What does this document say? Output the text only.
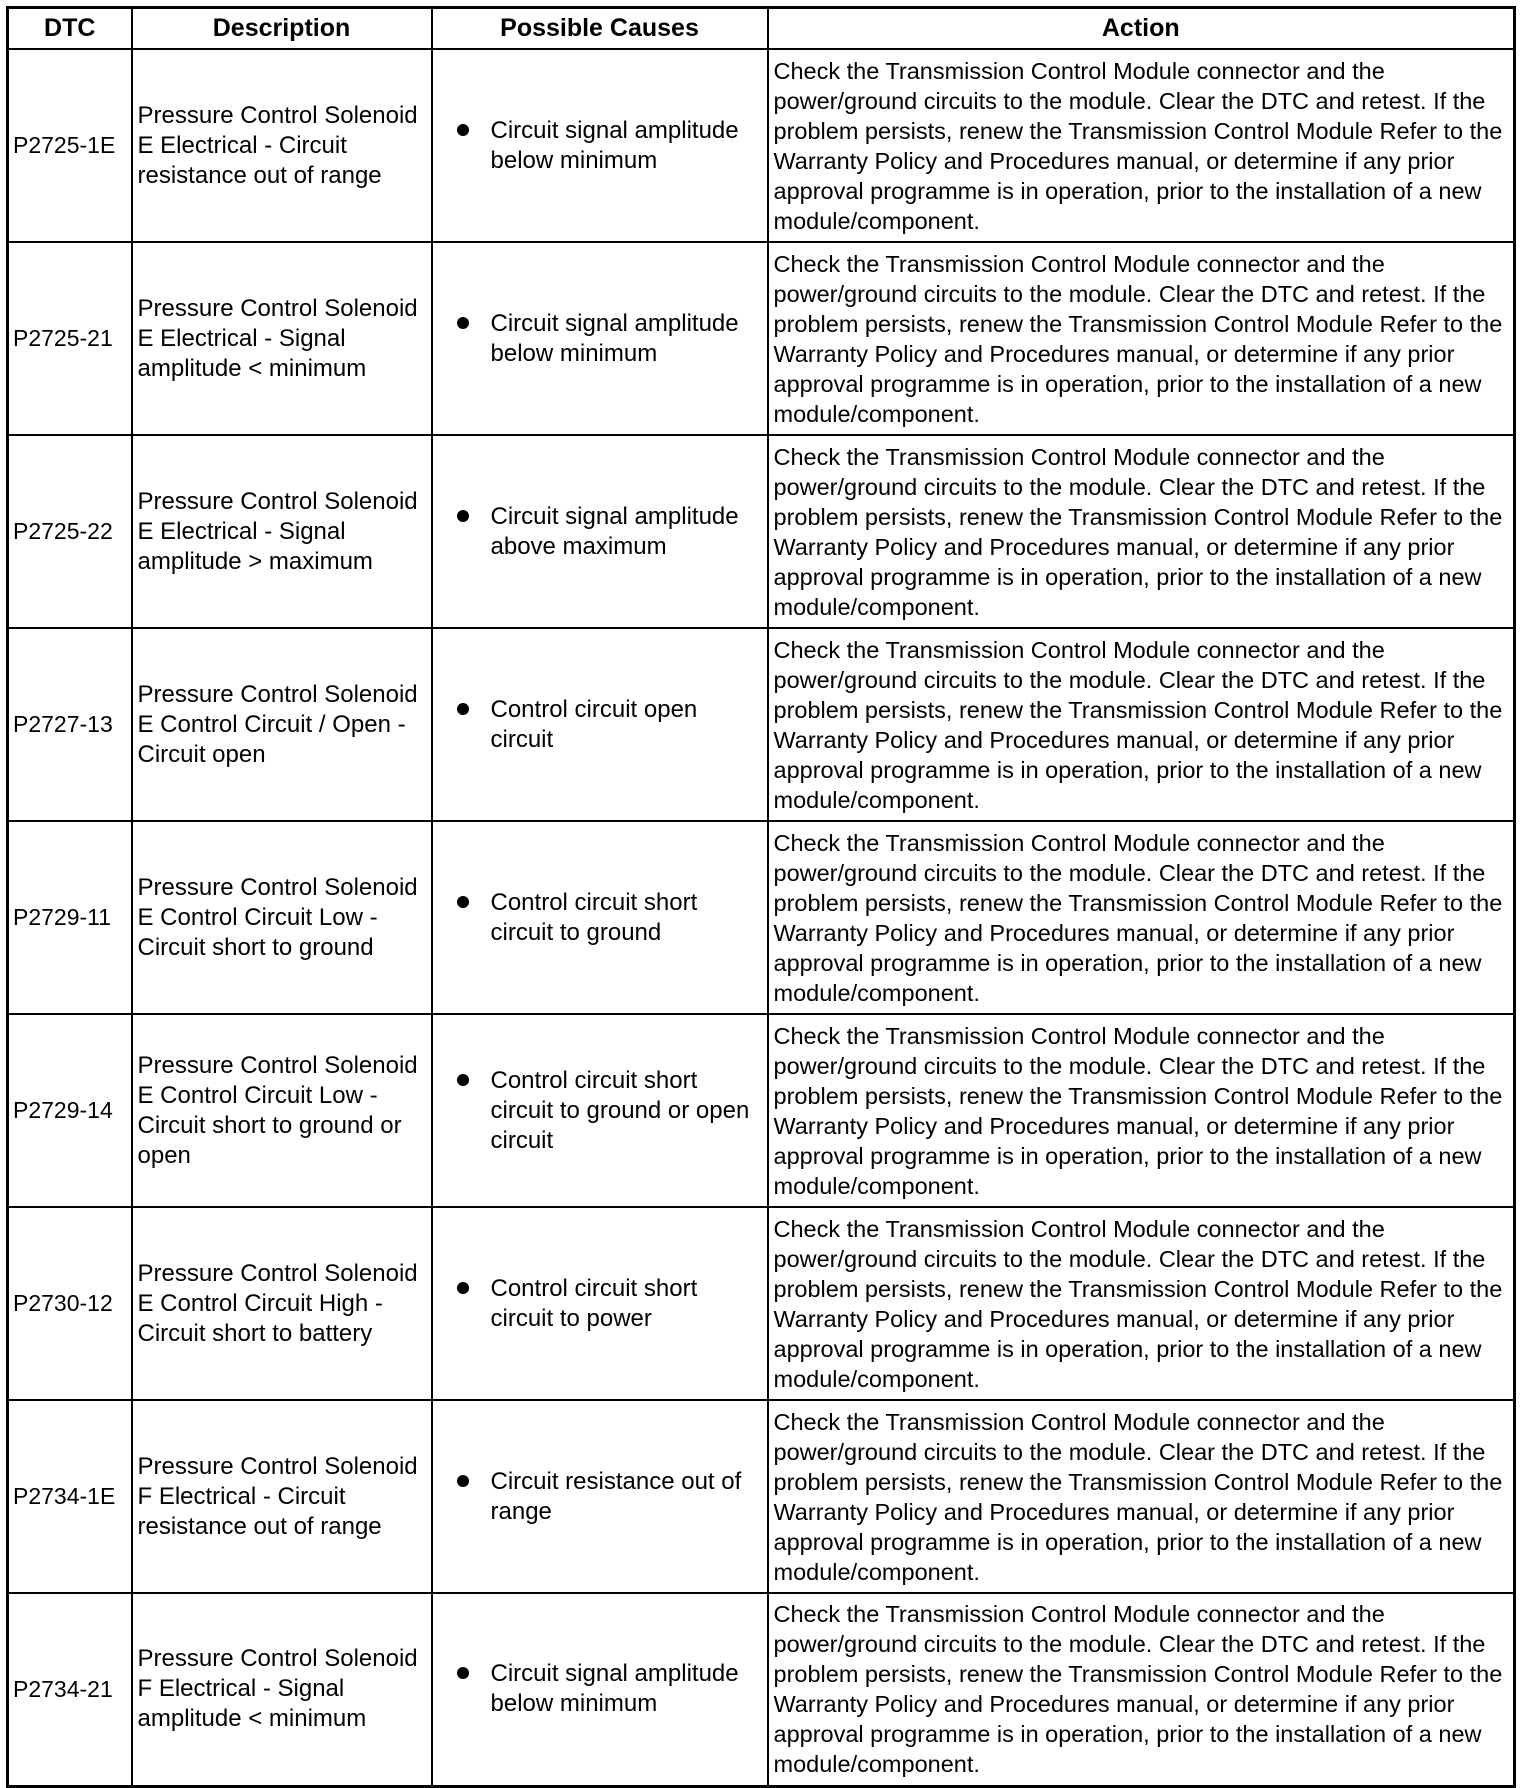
DTC	Description	Possible Causes	Action
P2725-1E	Pressure Control Solenoid E Electrical - Circuit resistance out of range	Circuit signal amplitude below minimum	Check the Transmission Control Module connector and the power/ground circuits to the module. Clear the DTC and retest. If the problem persists, renew the Transmission Control Module Refer to the Warranty Policy and Procedures manual, or determine if any prior approval programme is in operation, prior to the installation of a new module/component.
P2725-21	Pressure Control Solenoid E Electrical - Signal amplitude < minimum	Circuit signal amplitude below minimum	Check the Transmission Control Module connector and the power/ground circuits to the module. Clear the DTC and retest. If the problem persists, renew the Transmission Control Module Refer to the Warranty Policy and Procedures manual, or determine if any prior approval programme is in operation, prior to the installation of a new module/component.
P2725-22	Pressure Control Solenoid E Electrical - Signal amplitude > maximum	Circuit signal amplitude above maximum	Check the Transmission Control Module connector and the power/ground circuits to the module. Clear the DTC and retest. If the problem persists, renew the Transmission Control Module Refer to the Warranty Policy and Procedures manual, or determine if any prior approval programme is in operation, prior to the installation of a new module/component.
P2727-13	Pressure Control Solenoid E Control Circuit / Open - Circuit open	Control circuit open circuit	Check the Transmission Control Module connector and the power/ground circuits to the module. Clear the DTC and retest. If the problem persists, renew the Transmission Control Module Refer to the Warranty Policy and Procedures manual, or determine if any prior approval programme is in operation, prior to the installation of a new module/component.
P2729-11	Pressure Control Solenoid E Control Circuit Low - Circuit short to ground	Control circuit short circuit to ground	Check the Transmission Control Module connector and the power/ground circuits to the module. Clear the DTC and retest. If the problem persists, renew the Transmission Control Module Refer to the Warranty Policy and Procedures manual, or determine if any prior approval programme is in operation, prior to the installation of a new module/component.
P2729-14	Pressure Control Solenoid E Control Circuit Low - Circuit short to ground or open	Control circuit short circuit to ground or open circuit	Check the Transmission Control Module connector and the power/ground circuits to the module. Clear the DTC and retest. If the problem persists, renew the Transmission Control Module Refer to the Warranty Policy and Procedures manual, or determine if any prior approval programme is in operation, prior to the installation of a new module/component.
P2730-12	Pressure Control Solenoid E Control Circuit High - Circuit short to battery	Control circuit short circuit to power	Check the Transmission Control Module connector and the power/ground circuits to the module. Clear the DTC and retest. If the problem persists, renew the Transmission Control Module Refer to the Warranty Policy and Procedures manual, or determine if any prior approval programme is in operation, prior to the installation of a new module/component.
P2734-1E	Pressure Control Solenoid F Electrical - Circuit resistance out of range	Circuit resistance out of range	Check the Transmission Control Module connector and the power/ground circuits to the module. Clear the DTC and retest. If the problem persists, renew the Transmission Control Module Refer to the Warranty Policy and Procedures manual, or determine if any prior approval programme is in operation, prior to the installation of a new module/component.
P2734-21	Pressure Control Solenoid F Electrical - Signal amplitude < minimum	Circuit signal amplitude below minimum	Check the Transmission Control Module connector and the power/ground circuits to the module. Clear the DTC and retest. If the problem persists, renew the Transmission Control Module Refer to the Warranty Policy and Procedures manual, or determine if any prior approval programme is in operation, prior to the installation of a new module/component.
